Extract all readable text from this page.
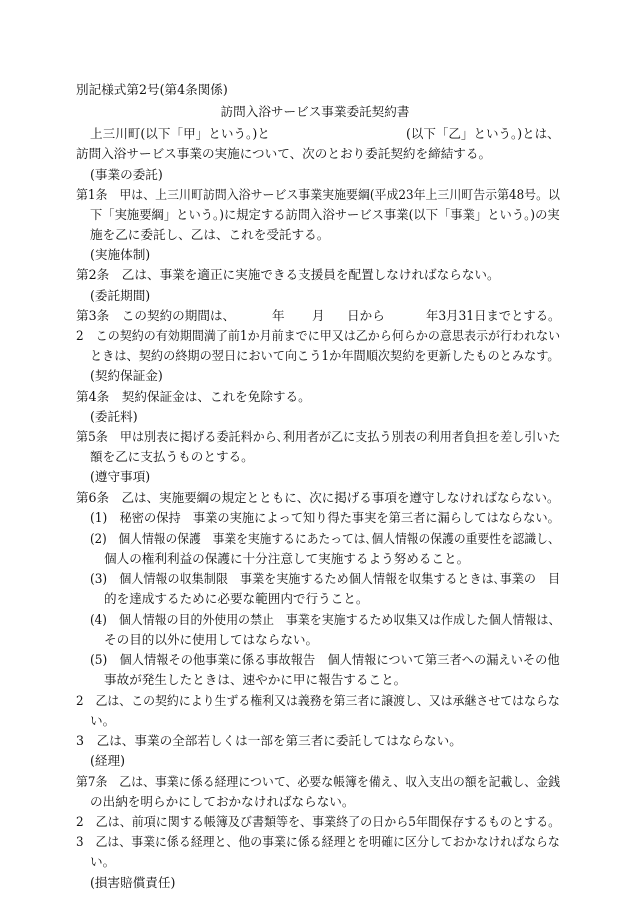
別記様式第2号(第4条関係)
訪問入浴サービス事業委託契約書
上三川町(以下「甲」という。)と	(以下「乙」という。)とは、
訪問入浴サービス事業の実施について、次のとおり委託契約を締結する。
(事業の委託)
第1条　甲は、上三川町訪問入浴サービス事業実施要綱(平成23年上三川町告示第48号。以
下「実施要綱」という。)に規定する訪問入浴サービス事業(以下「事業」という。)の実
施を乙に委託し、乙は、これを受託する。
(実施体制)
第2条　乙は、事業を適正に実施できる支援員を配置しなければならない。
(委託期間)
第3条　この契約の期間は、	年 月 日から	年3月31日までとする。
2　この契約の有効期間満了前1か月前までに甲又は乙から何らかの意思表示が行われない
ときは、契約の終期の翌日において向こう1か年間順次契約を更新したものとみなす。
(契約保証金)
第4条　契約保証金は、これを免除する。
(委託料)
第5条　甲は別表に掲げる委託料から､利用者が乙に支払う別表の利用者負担を差し引いた
額を乙に支払うものとする。
(遵守事項)
第6条　乙は、実施要綱の規定とともに、次に掲げる事項を遵守しなければならない。
(1)　秘密の保持　事業の実施によって知り得た事実を第三者に漏らしてはならない。
(2)　個人情報の保護　事業を実施するにあたっては､個人情報の保護の重要性を認識し、
個人の権利利益の保護に十分注意して実施するよう努めること。
(3)　個人情報の収集制限　事業を実施するため個人情報を収集するときは､事業の　目
的を達成するために必要な範囲内で行うこと。
(4)　個人情報の目的外使用の禁止　事業を実施するため収集又は作成した個人情報は、
その目的以外に使用してはならない。
(5)　個人情報その他事業に係る事故報告　個人情報について第三者への漏えいその他
事故が発生したときは、速やかに甲に報告すること。
2　乙は、この契約により生ずる権利又は義務を第三者に譲渡し、又は承継させてはならな
い。
3　乙は、事業の全部若しくは一部を第三者に委託してはならない。
(経理)
第7条　乙は、事業に係る経理について、必要な帳簿を備え、収入支出の額を記載し、金銭
の出納を明らかにしておかなければならない。
2　乙は、前項に関する帳簿及び書類等を、事業終了の日から5年間保存するものとする。
3　乙は、事業に係る経理と、他の事業に係る経理とを明確に区分しておかなければならな
い。
(損害賠償責任)
